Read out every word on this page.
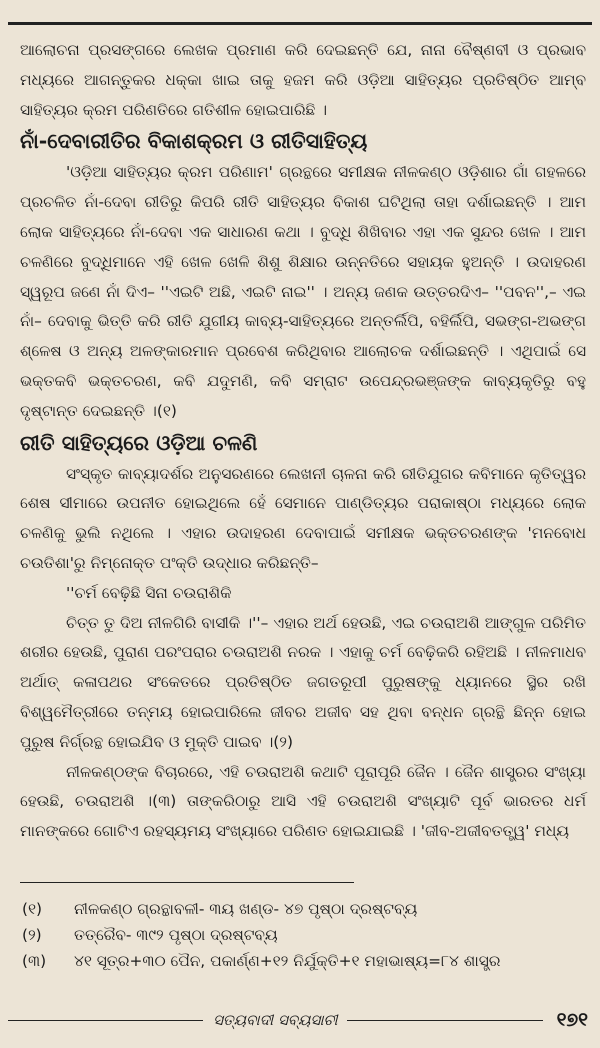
ଆଲୋଚନା ପ୍ରସଙ୍ଗରେ ଲେଖକ ପ୍ରମାଣ କରି ଦେଇଛନ୍ତି ଯେ, ନାନା ବୈଷ୍ଣବୀ ଓ ପ୍ରଭାବ ମଧ୍ୟରେ ଆଗନ୍ତୁକର ଧକ୍କା ଖାଇ ତାକୁ ହଜମ କରି ଓଡ଼ିଆ ସାହିତ୍ୟର ପ୍ରତିଷ୍ଠିତ ଆମ୍ବ ସାହିତ୍ୟର କ୍ରମ ପରିଣତିରେ ଗତିଶୀଳ ହୋଇପାରିଛି ।

ନାଁ-ଦେବାରୀତିର ବିକାଶକ୍ରମ ଓ ରୀତିସାହିତ୍ୟ

'ଓଡ଼ିଆ ସାହିତ୍ୟର କ୍ରମ ପରିଣାମ' ଗ୍ରନ୍ଥରେ ସମୀକ୍ଷକ ନୀଳକଣ୍ଠ ଓଡ଼ିଶାର ଗାଁ ଗହଳରେ ପ୍ରଚଳିତ ନାଁ-ଦେବା ରୀତିରୁ କିପରି ରୀତି ସାହିତ୍ୟର ବିକାଶ ଘଟିଥିଲା ତାହା ଦର୍ଶାଇଛନ୍ତି । ଆମ ଲୋକ ସାହିତ୍ୟରେ ନାଁ-ଦେବା ଏକ ସାଧାରଣ କଥା । ବୁଦ୍ଧି ଶିଖିବାର ଏହା ଏକ ସୁନ୍ଦର ଖେଳ । ଆମ ଚଳଣିରେ ବୁଦ୍ଧିମାନେ ଏହି ଖେଳ ଖେଳି ଶିଶୁ ଶିକ୍ଷାର ଉନ୍ନତିରେ ସହାୟକ ହୁଅନ୍ତି । ଉଦାହରଣ ସ୍ୱରୂପ ଜଣେ ନାଁ ଦିଏ– ''ଏଇଟି ଅଛି, ଏଇଟି ନାଇ'' । ଅନ୍ୟ ଜଣକ ଉତ୍ତରଦିଏ– ''ପବନ'',– ଏଇ ନାଁ– ଦେବାକୁ ଭିତ୍ତି କରି ରୀତି ଯୁଗୀୟ କାବ୍ୟ-ସାହିତ୍ୟରେ ଅନ୍ତର୍ଲିପି, ବହିର୍ଲିପି, ସଭଙ୍ଗ-ଅଭଙ୍ଗ ଶ୍ଳେଷ ଓ ଅନ୍ୟ ଅଳଙ୍କାରମାନ ପ୍ରବେଶ କରିଥିବାର ଆଲୋଚକ ଦର୍ଶାଇଛନ୍ତି । ଏଥିପାଇଁ ସେ ଭକ୍ତକବି ଭକ୍ତଚରଣ, କବି ଯଦୁମଣି, କବି ସମ୍ରାଟ ଉପେନ୍ଦ୍ରଭଞ୍ଜଙ୍କ କାବ୍ୟକୃତିରୁ ବହୁ ଦୃଷ୍ଟାନ୍ତ ଦେଇଛନ୍ତି ।(୧)

ରୀତି ସାହିତ୍ୟରେ ଓଡ଼ିଆ ଚଳଣି

ସଂସ୍କୃତ କାବ୍ୟାଦର୍ଶର ଅନୁସରଣରେ ଲେଖନୀ ଚାଳନା କରି ରୀତିଯୁଗର କବିମାନେ କୃତିତ୍ୱର ଶେଷ ସୀମାରେ ଉପନୀତ ହୋଇଥିଲେ ହେଁ ସେମାନେ ପାଣ୍ଡିତ୍ୟର ପରାକାଷ୍ଠା ମଧ୍ୟରେ ଲୋକ ଚଳଣିକୁ ଭୁଲି ନଥିଲେ । ଏହାର ଉଦାହରଣ ଦେବାପାଇଁ ସମୀକ୍ଷକ ଭକ୍ତଚରଣଙ୍କ 'ମନବୋଧ ଚଉତିଶା'ରୁ ନିମ୍ନୋକ୍ତ ପଂକ୍ତି ଉଦ୍ଧାର କରିଛନ୍ତି–

''ଚର୍ମ ବେଢ଼ିଛି ସିନା ଚଉରାଶିକି

ଚିତ୍ତ ତୁ ଦିଅ ନୀଳଗିରି ବାସୀକି ।''– ଏହାର ଅର୍ଥ ହେଉଛି, ଏଇ ଚଉରାଅଶି ଆଙ୍ଗୁଳ ପରିମିତ ଶରୀର ହେଉଛି, ପୁରାଣ ପରଂପରାର ଚଉରାଅଶି ନରକ । ଏହାକୁ ଚର୍ମ ବେଢ଼ିକରି ରହିଅଛି । ନୀଳମାଧବ ଅର୍ଥାତ୍ କଳାପଥର ସଂକେତରେ ପ୍ରତିଷ୍ଠିତ ଜଗତରୂପୀ ପୁରୁଷଙ୍କୁ ଧ୍ୟାନରେ ସ୍ଥିର ରଖି ବିଶ୍ୱମୈତ୍ରୀରେ ତନ୍ମୟ ହୋଇପାରିଲେ ଜୀବର ଅଜୀବ ସହ ଥିବା ବନ୍ଧନ ଗ୍ରନ୍ଥି ଛିନ୍ନ ହୋଇ ପୁରୁଷ ନିର୍ଗ୍ରନ୍ଥ ହୋଇଯିବ ଓ ମୁକ୍ତି ପାଇବ ।(୨)

ନୀଳକଣ୍ଠଙ୍କ ବିଚାରରେ, ଏହି ଚଉରାଅଶି କଥାଟି ପୂରାପୂରି ଜୈନ । ଜୈନ ଶାସ୍ତ୍ରର ସଂଖ୍ୟା ହେଉଛି, ଚଉରାଅଶି ।(୩) ତାଙ୍କରିଠାରୁ ଆସି ଏହି ଚଉରାଅଶି ସଂଖ୍ୟାଟି ପୂର୍ବ ଭାରତର ଧର୍ମ ମାନଙ୍କରେ ଗୋଟିଏ ରହସ୍ୟମୟ ସଂଖ୍ୟାରେ ପରିଣତ ହୋଇଯାଇଛି । 'ଜୀବ-ଅଜୀବତତ୍ତ୍ୱ' ମଧ୍ୟ

(୧)	ନୀଳକଣ୍ଠ ଗ୍ରନ୍ଥାବଳୀ- ୩ୟ ଖଣ୍ଡ- ୪୭ ପୃଷ୍ଠା ଦ୍ରଷ୍ଟବ୍ୟ
(୨)	ତତ୍ରୈବ- ୩୯୨ ପୃଷ୍ଠା ଦ୍ରଷ୍ଟବ୍ୟ
(୩)	୪୧ ସୂତ୍ର+୩୦ ପୈନ, ପକାର୍ଣ୍ଣ+୧୨ ନିର୍ଯୁକ୍ତି+୧ ମହାଭାଷ୍ୟ=୮୪ ଶାସ୍ତ୍ର
ସତ୍ୟବାଦୀ ସବ୍ୟସାଚୀ	୧୭୧
